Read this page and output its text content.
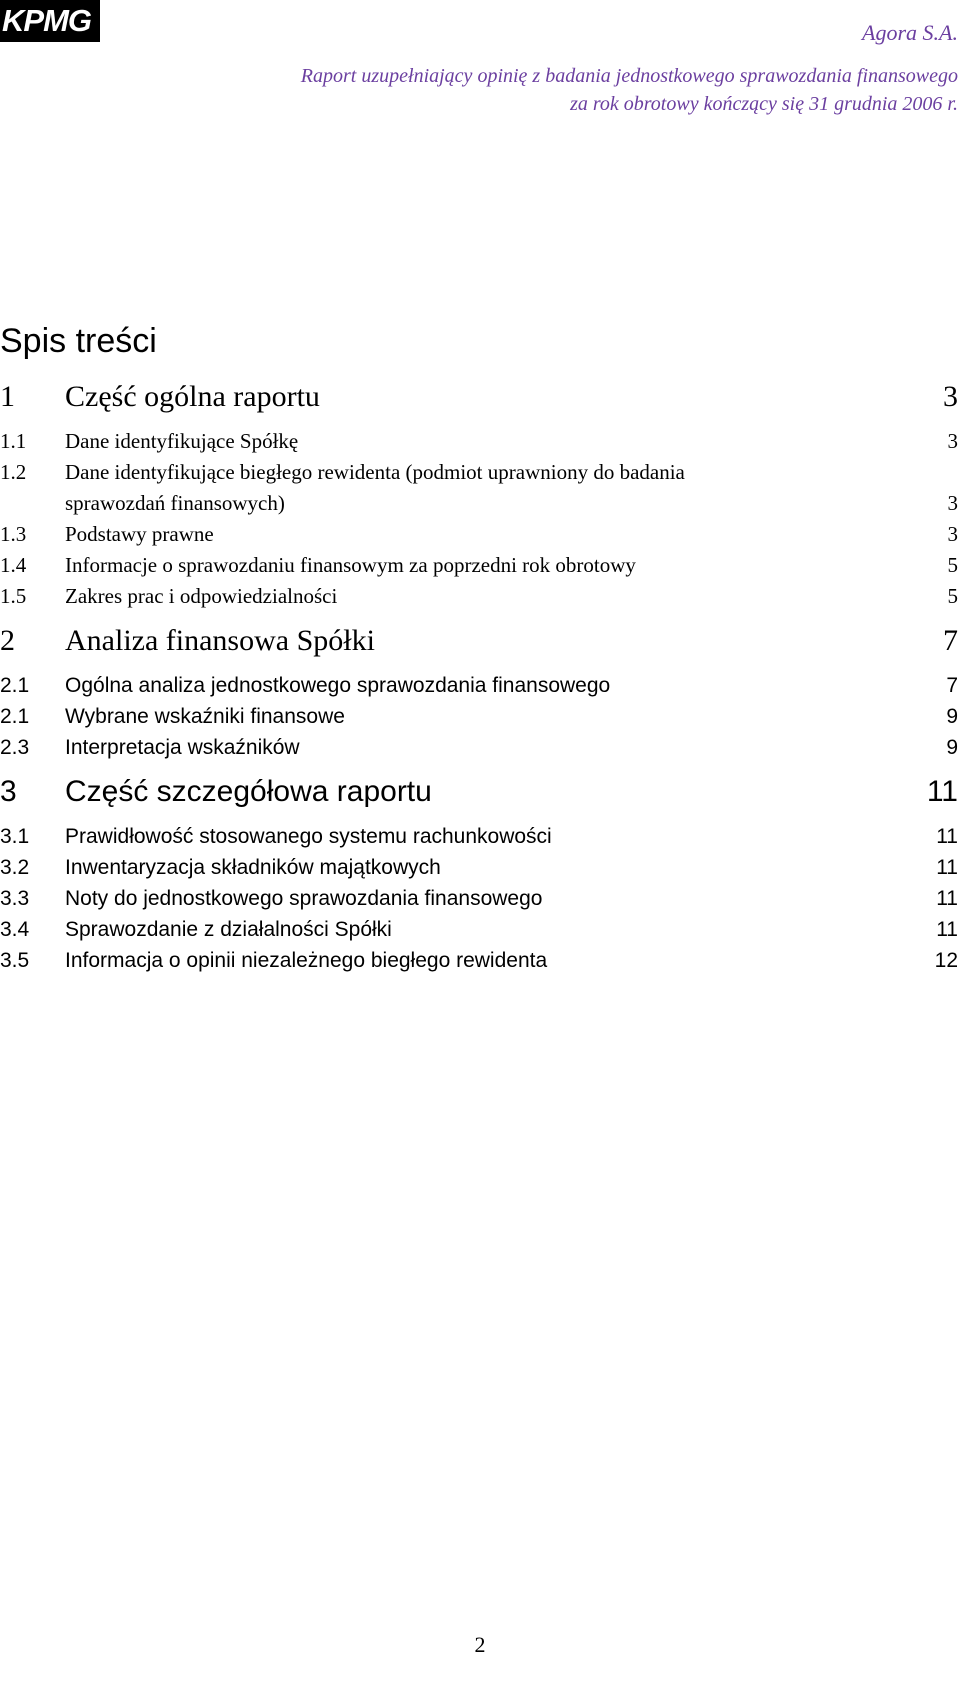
KPMG	Agora S.A.
Raport uzupełniający opinię z badania jednostkowego sprawozdania finansowego
za rok obrotowy kończący się 31 grudnia 2006 r.
Spis treści
1 Część ogólna raportu	3
1.1 Dane identyfikujące Spółkę	3
1.2 Dane identyfikujące biegłego rewidenta (podmiot uprawniony do badania
sprawozdań finansowych)	3
1.3 Podstawy prawne	3
1.4 Informacje o sprawozdaniu finansowym za poprzedni rok obrotowy	5
1.5 Zakres prac i odpowiedzialności	5
2 Analiza finansowa Spółki	7
2.1 Ogólna analiza jednostkowego sprawozdania finansowego	7
2.1 Wybrane wskaźniki finansowe	9
2.3 Interpretacja wskaźników	9
3 Część szczegółowa raportu	11
3.1 Prawidłowość stosowanego systemu rachunkowości	11
3.2 Inwentaryzacja składników majątkowych	11
3.3 Noty do jednostkowego sprawozdania finansowego	11
3.4 Sprawozdanie z działalności Spółki	11
3.5 Informacja o opinii niezależnego biegłego rewidenta	12
2
